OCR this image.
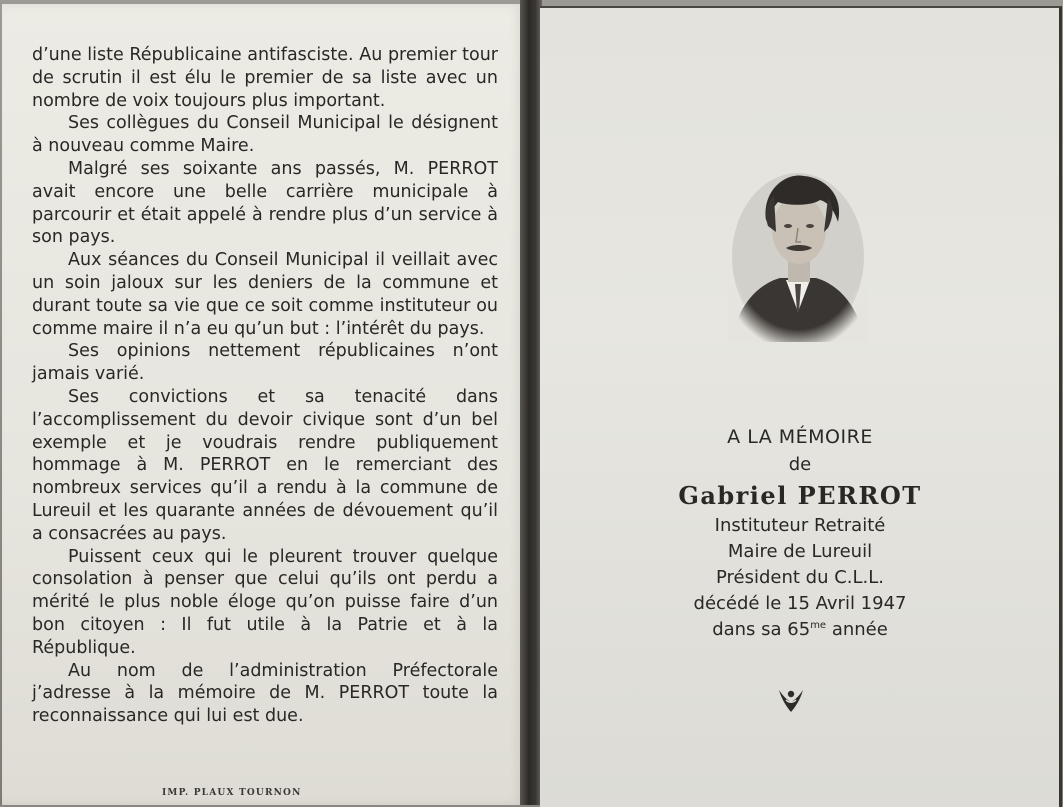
d’une liste Républicaine antifasciste. Au premier tour de scrutin il est élu le premier de sa liste avec un nombre de voix toujours plus important.

Ses collègues du Conseil Municipal le désignent à nouveau comme Maire.

Malgré ses soixante ans passés, M. PERROT avait encore une belle carrière municipale à parcourir et était appelé à rendre plus d’un service à son pays.

Aux séances du Conseil Municipal il veillait avec un soin jaloux sur les deniers de la commune et durant toute sa vie que ce soit comme instituteur ou comme maire il n’a eu qu’un but : l’intérêt du pays.

Ses opinions nettement républicaines n’ont jamais varié.

Ses convictions et sa tenacité dans l’accomplissement du devoir civique sont d’un bel exemple et je voudrais rendre publiquement hommage à M. PERROT en le remerciant des nombreux services qu’il a rendu à la commune de Lureuil et les quarante années de dévouement qu’il a consacrées au pays.

Puissent ceux qui le pleurent trouver quelque consolation à penser que celui qu’ils ont perdu a mérité le plus noble éloge qu’on puisse faire d’un bon citoyen : Il fut utile à la Patrie et à la République.

Au nom de l’administration Préfectorale j’adresse à la mémoire de M. PERROT toute la reconnaissance qui lui est due.

IMP. PLAUX TOURNON
A LA MÉMOIRE
de
Gabriel PERROT
Instituteur Retraité
Maire de Lureuil
Président du C.L.L.
décédé le 15 Avril 1947
dans sa $65^{me}$ année
